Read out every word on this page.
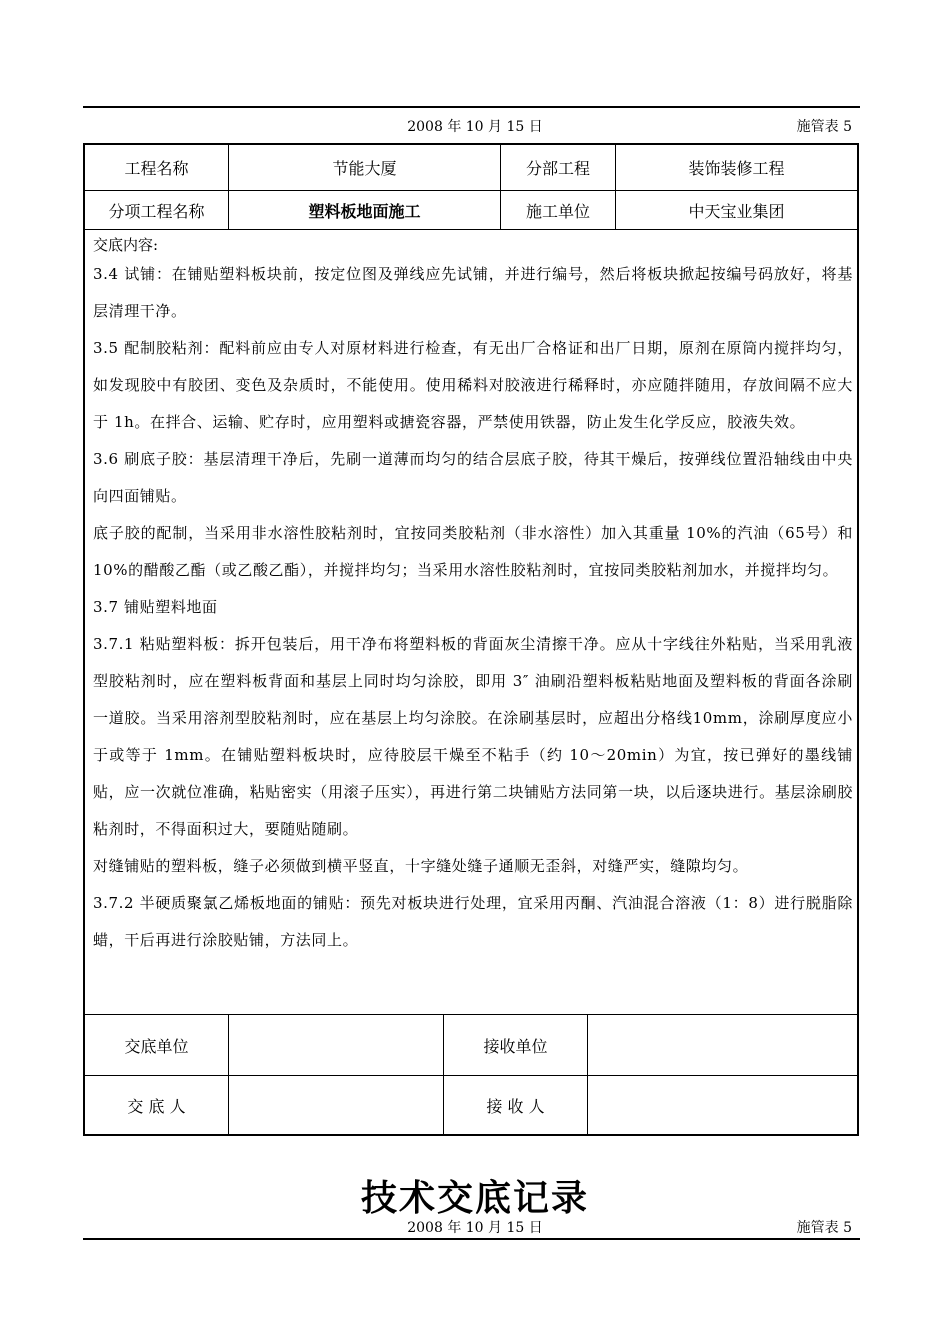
2008 年 10 月 15 日	施管表 5
工程名称	节能大厦	分部工程	装饰装修工程
分项工程名称	塑料板地面施工	施工单位	中天宝业集团
交底内容:

3.4 试铺：在铺贴塑料板块前，按定位图及弹线应先试铺，并进行编号，然后将板块掀起按编号码放好，将基层清理干净。

3.5 配制胶粘剂：配料前应由专人对原材料进行检查，有无出厂合格证和出厂日期，原剂在原筒内搅拌均匀，如发现胶中有胶团、变色及杂质时，不能使用。使用稀料对胶液进行稀释时，亦应随拌随用，存放间隔不应大于 1h。在拌合、运输、贮存时，应用塑料或搪瓷容器，严禁使用铁器，防止发生化学反应，胶液失效。

3.6 刷底子胶：基层清理干净后，先刷一道薄而均匀的结合层底子胶，待其干燥后，按弹线位置沿轴线由中央向四面铺贴。

底子胶的配制，当采用非水溶性胶粘剂时，宜按同类胶粘剂（非水溶性）加入其重量 10%的汽油（65号）和 10%的醋酸乙酯（或乙酸乙酯），并搅拌均匀；当采用水溶性胶粘剂时，宜按同类胶粘剂加水，并搅拌均匀。

3.7 铺贴塑料地面

3.7.1 粘贴塑料板：拆开包装后，用干净布将塑料板的背面灰尘清擦干净。应从十字线往外粘贴，当采用乳液型胶粘剂时，应在塑料板背面和基层上同时均匀涂胶，即用 3″ 油刷沿塑料板粘贴地面及塑料板的背面各涂刷一道胶。当采用溶剂型胶粘剂时，应在基层上均匀涂胶。在涂刷基层时，应超出分格线10mm，涂刷厚度应小于或等于 1mm。在铺贴塑料板块时，应待胶层干燥至不粘手（约 10～20min）为宜，按已弹好的墨线铺贴，应一次就位准确，粘贴密实（用滚子压实），再进行第二块铺贴方法同第一块，以后逐块进行。基层涂刷胶粘剂时，不得面积过大，要随贴随刷。

对缝铺贴的塑料板，缝子必须做到横平竖直，十字缝处缝子通顺无歪斜，对缝严实，缝隙均匀。

3.7.2 半硬质聚氯乙烯板地面的铺贴：预先对板块进行处理，宜采用丙酮、汽油混合溶液（1：8）进行脱脂除蜡，干后再进行涂胶贴铺，方法同上。

交底单位	接收单位
交 底 人	接 收 人
技术交底记录
2008 年 10 月 15 日	施管表 5
